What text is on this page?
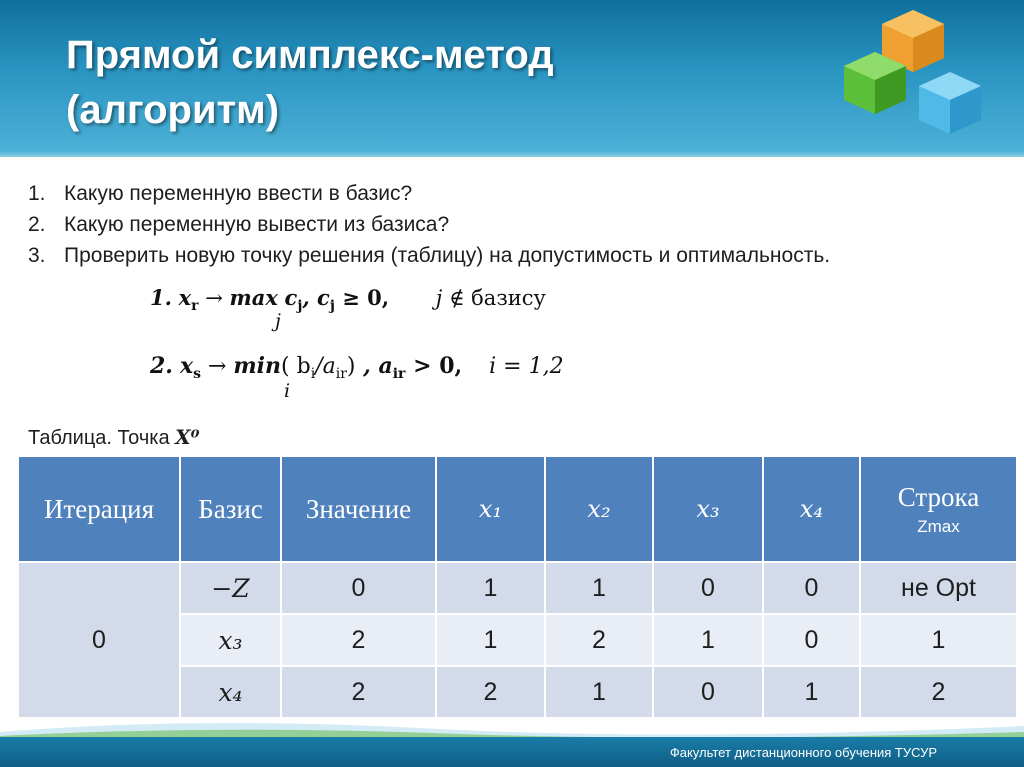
Прямой симплекс-метод
(алгоритм)
1. Какую переменную ввести в базис?
2. Какую переменную вывести из базиса?
3. Проверить новую точку решения (таблицу) на допустимость и оптимальность.
1. $x_r \to \max c_j$, $c_j \ge 0$, j ∉ базису
j
2. $x_s \to \min$( $b_i/a_{ir}$) , $a_{ir} > 0$, i = 1,2
i
Таблица. Точка X⁰
Итерация	Базис	Значение	x₁	x₂	x₃	x₄	Строка
Zmax

0	−Z	0	1	1	0	0	не Opt
	x₃	2	1	2	1	0	1
	x₄	2	2	1	0	1	2
Факультет дистанционного обучения ТУСУР
